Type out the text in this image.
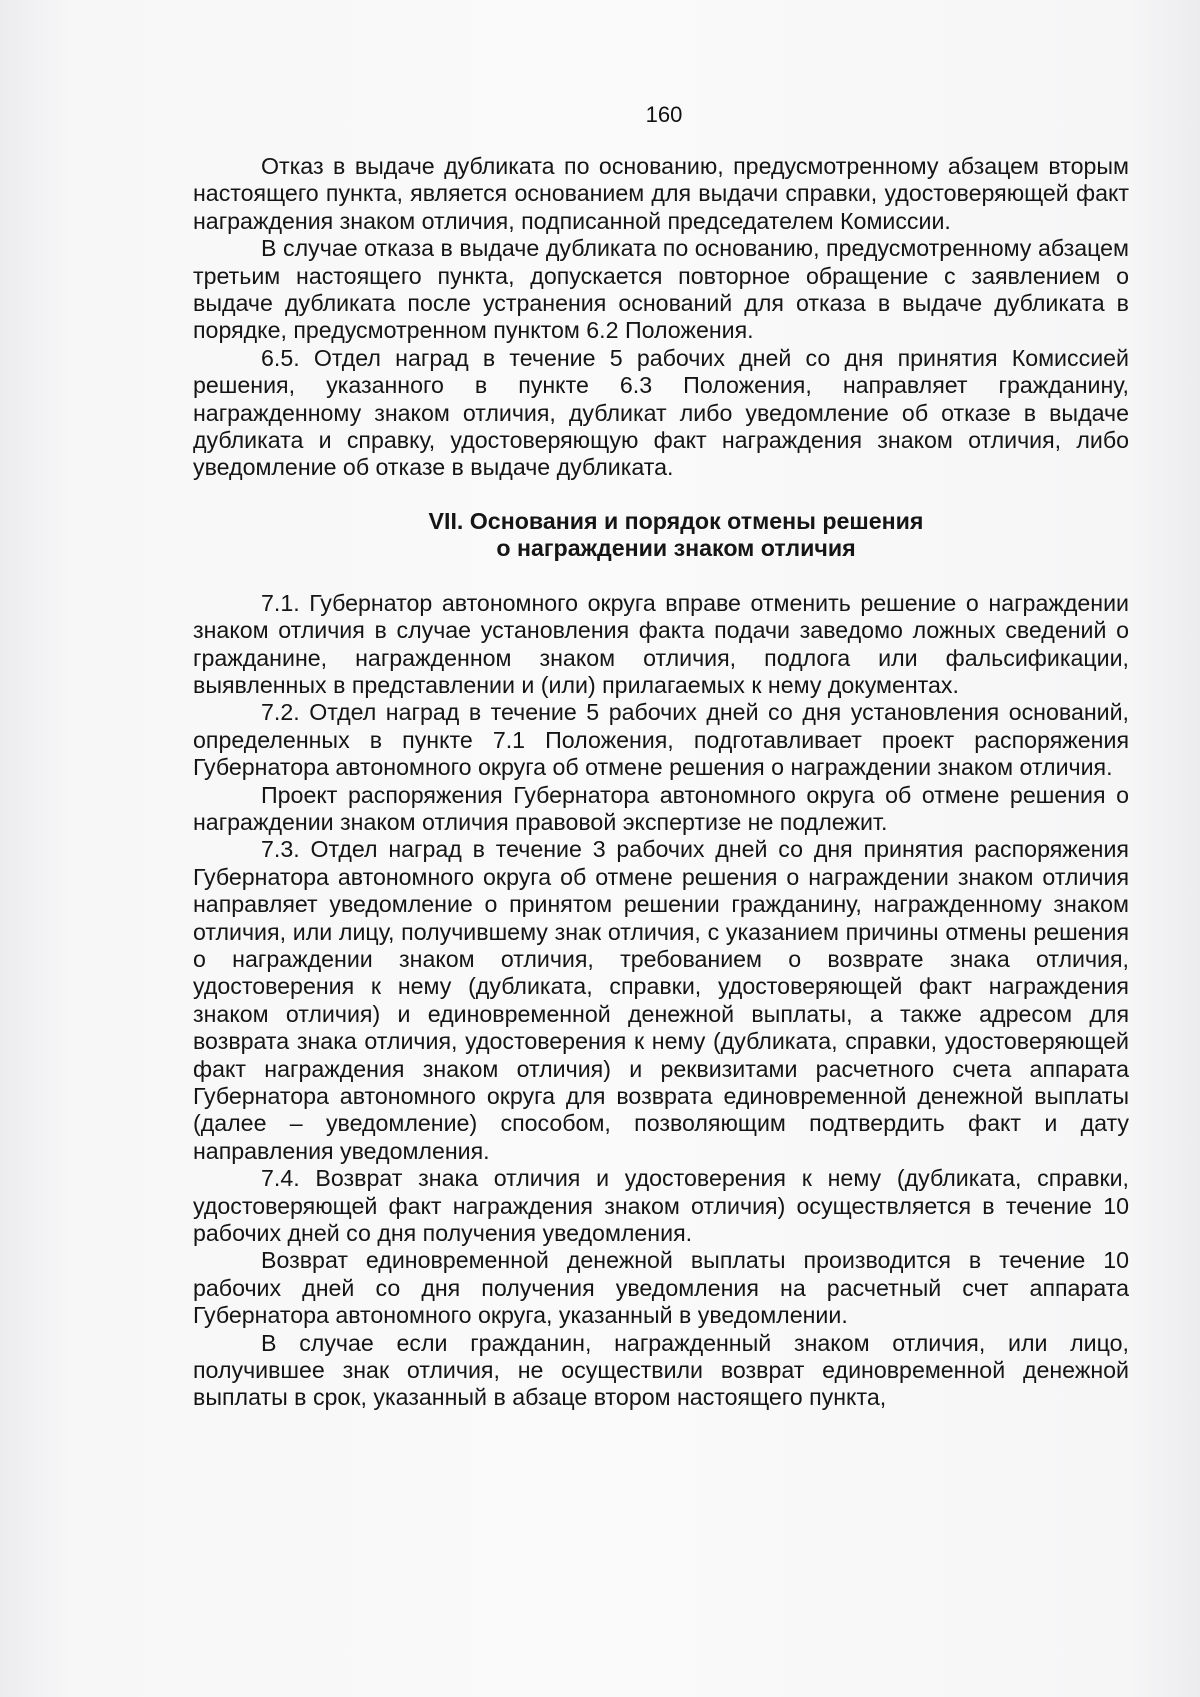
160

Отказ в выдаче дубликата по основанию, предусмотренному абзацем вторым настоящего пункта, является основанием для выдачи справки, удостоверяющей факт награждения знаком отличия, подписанной председателем Комиссии.

В случае отказа в выдаче дубликата по основанию, предусмотренному абзацем третьим настоящего пункта, допускается повторное обращение с заявлением о выдаче дубликата после устранения оснований для отказа в выдаче дубликата в порядке, предусмотренном пунктом 6.2 Положения.

6.5. Отдел наград в течение 5 рабочих дней со дня принятия Комиссией решения, указанного в пункте 6.3 Положения, направляет гражданину, награжденному знаком отличия, дубликат либо уведомление об отказе в выдаче дубликата и справку, удостоверяющую факт награждения знаком отличия, либо уведомление об отказе в выдаче дубликата.

VII. Основания и порядок отмены решения
о награждении знаком отличия

7.1. Губернатор автономного округа вправе отменить решение о награждении знаком отличия в случае установления факта подачи заведомо ложных сведений о гражданине, награжденном знаком отличия, подлога или фальсификации, выявленных в представлении и (или) прилагаемых к нему документах.

7.2. Отдел наград в течение 5 рабочих дней со дня установления оснований, определенных в пункте 7.1 Положения, подготавливает проект распоряжения Губернатора автономного округа об отмене решения о награждении знаком отличия.

Проект распоряжения Губернатора автономного округа об отмене решения о награждении знаком отличия правовой экспертизе не подлежит.

7.3. Отдел наград в течение 3 рабочих дней со дня принятия распоряжения Губернатора автономного округа об отмене решения о награждении знаком отличия направляет уведомление о принятом решении гражданину, награжденному знаком отличия, или лицу, получившему знак отличия, с указанием причины отмены решения о награждении знаком отличия, требованием о возврате знака отличия, удостоверения к нему (дубликата, справки, удостоверяющей факт награждения знаком отличия) и единовременной денежной выплаты, а также адресом для возврата знака отличия, удостоверения к нему (дубликата, справки, удостоверяющей факт награждения знаком отличия) и реквизитами расчетного счета аппарата Губернатора автономного округа для возврата единовременной денежной выплаты (далее – уведомление) способом, позволяющим подтвердить факт и дату направления уведомления.

7.4. Возврат знака отличия и удостоверения к нему (дубликата, справки, удостоверяющей факт награждения знаком отличия) осуществляется в течение 10 рабочих дней со дня получения уведомления.

Возврат единовременной денежной выплаты производится в течение 10 рабочих дней со дня получения уведомления на расчетный счет аппарата Губернатора автономного округа, указанный в уведомлении.

В случае если гражданин, награжденный знаком отличия, или лицо, получившее знак отличия, не осуществили возврат единовременной денежной выплаты в срок, указанный в абзаце втором настоящего пункта,
